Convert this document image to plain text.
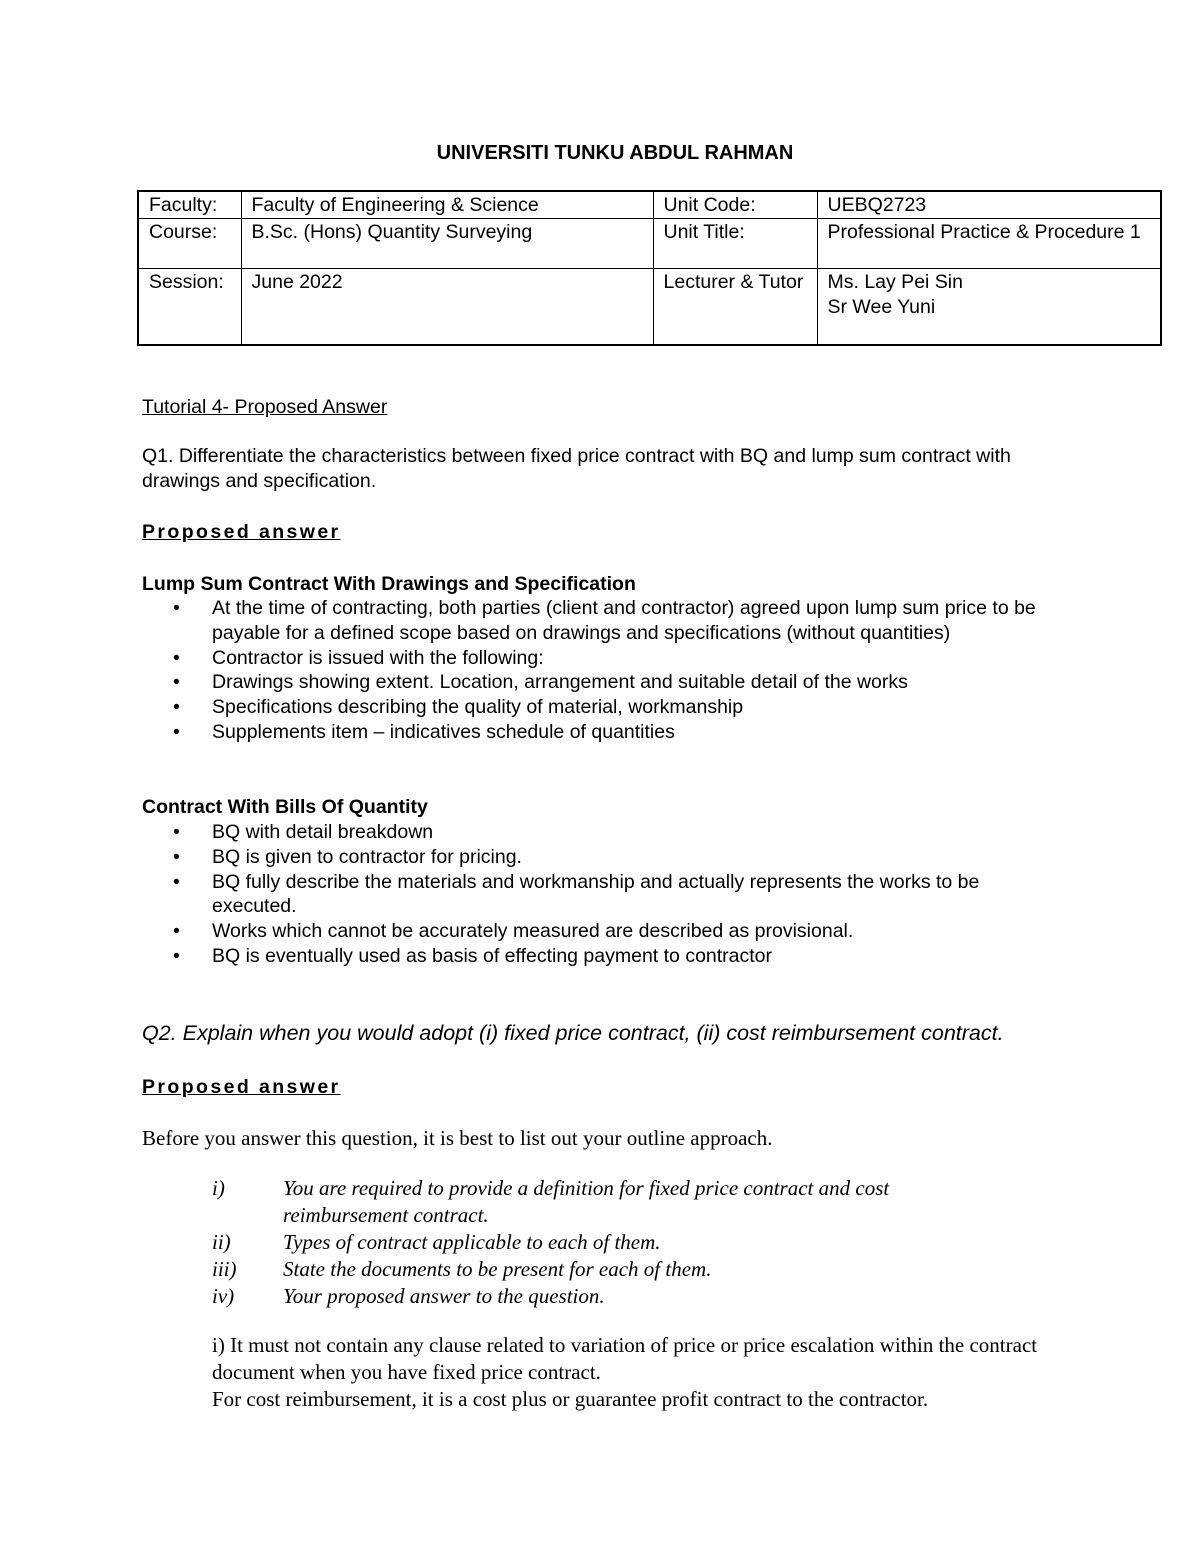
UNIVERSITI TUNKU ABDUL RAHMAN
Faculty:	Faculty of Engineering & Science	Unit Code:	UEBQ2723
Course:	B.Sc. (Hons) Quantity Surveying	Unit Title:	Professional Practice & Procedure 1
Session:	June 2022	Lecturer & Tutor	Ms. Lay Pei Sin
Sr Wee Yuni
Tutorial 4- Proposed Answer
Q1. Differentiate the characteristics between fixed price contract with BQ and lump sum contract with drawings and specification.
Proposed answer
Lump Sum Contract With Drawings and Specification
• At the time of contracting, both parties (client and contractor) agreed upon lump sum price to be payable for a defined scope based on drawings and specifications (without quantities)
• Contractor is issued with the following:
• Drawings showing extent. Location, arrangement and suitable detail of the works
• Specifications describing the quality of material, workmanship
• Supplements item – indicatives schedule of quantities
Contract With Bills Of Quantity
• BQ with detail breakdown
• BQ is given to contractor for pricing.
• BQ fully describe the materials and workmanship and actually represents the works to be executed.
• Works which cannot be accurately measured are described as provisional.
• BQ is eventually used as basis of effecting payment to contractor
Q2. Explain when you would adopt (i) fixed price contract, (ii) cost reimbursement contract.
Proposed answer
Before you answer this question, it is best to list out your outline approach.
i)	You are required to provide a definition for fixed price contract and cost reimbursement contract.
ii) Types of contract applicable to each of them.
iii) State the documents to be present for each of them.
iv) Your proposed answer to the question.
i) It must not contain any clause related to variation of price or price escalation within the contract document when you have fixed price contract.
For cost reimbursement, it is a cost plus or guarantee profit contract to the contractor.
